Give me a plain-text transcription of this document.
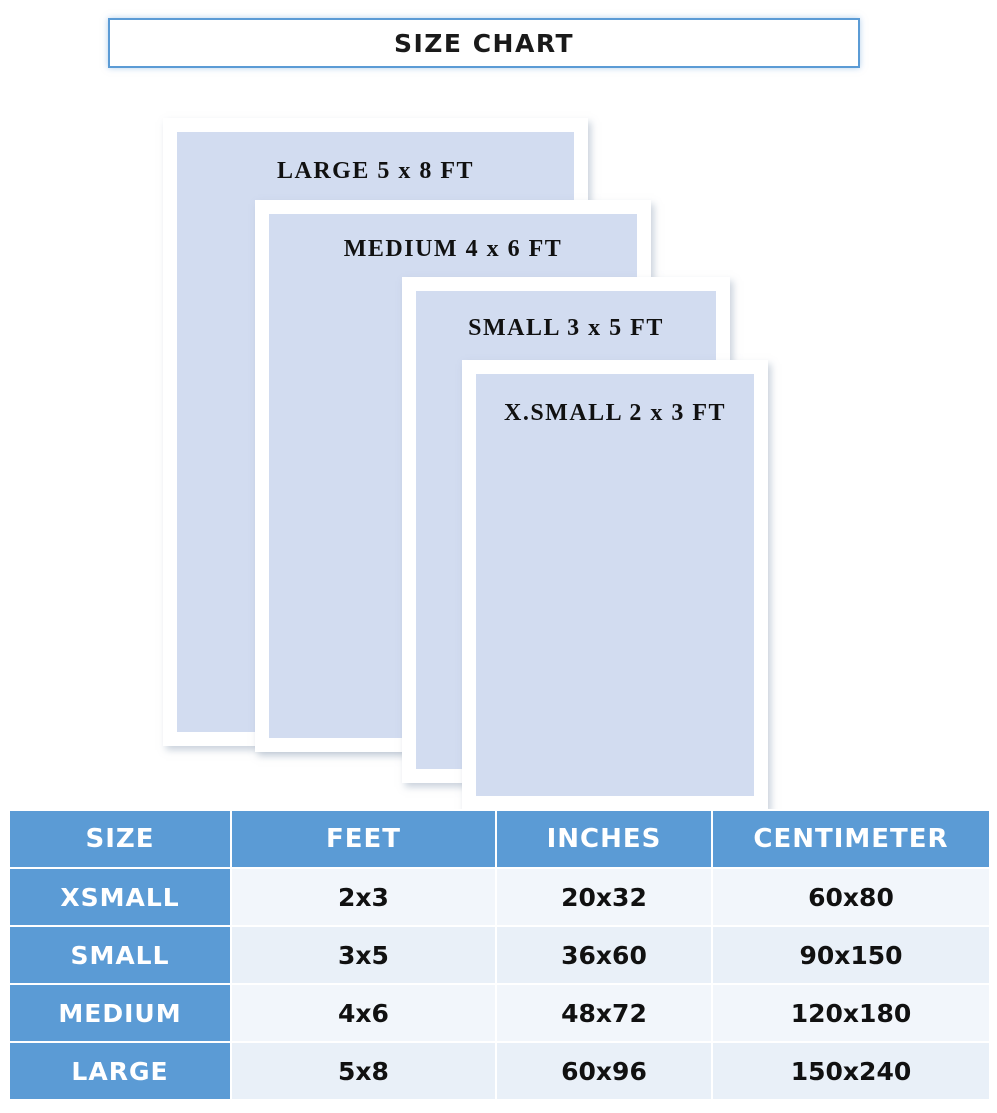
SIZE CHART
LARGE 5 x 8 FT
MEDIUM 4 x 6 FT
SMALL 3 x 5 FT
X.SMALL 2 x 3 FT
SIZE	FEET	INCHES	CENTIMETER
XSMALL	2x3	20x32	60x80
SMALL	3x5	36x60	90x150
MEDIUM	4x6	48x72	120x180
LARGE	5x8	60x96	150x240
